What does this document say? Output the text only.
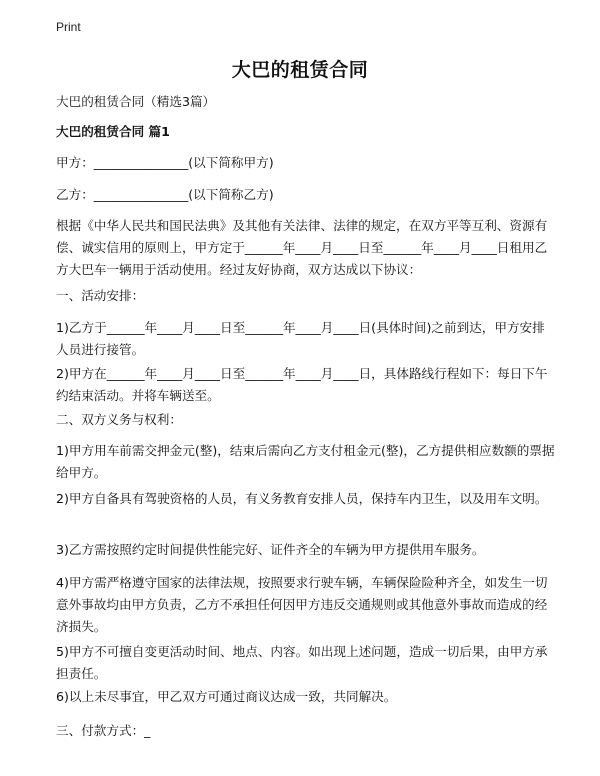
Print
大巴的租赁合同
大巴的租赁合同（精选3篇）
大巴的租赁合同 篇1
甲方：_______________(以下简称甲方)
乙方：_______________(以下简称乙方)
根据《中华人民共和国民法典》及其他有关法律、法律的规定，在双方平等互利、资源有偿、诚实信用的原则上，甲方定于______年____月____日至______年____月____日租用乙方大巴车一辆用于活动使用。经过友好协商，双方达成以下协议：
一、活动安排：
1)乙方于______年____月____日至______年____月____日(具体时间)之前到达，甲方安排人员进行接管。
2)甲方在______年____月____日至______年____月____日，具体路线行程如下：每日下午约结束活动。并将车辆送至。
二、双方义务与权利：
1)甲方用车前需交押金元(整)，结束后需向乙方支付租金元(整)，乙方提供相应数额的票据给甲方。
2)甲方自备具有驾驶资格的人员，有义务教育安排人员，保持车内卫生，以及用车文明。
3)乙方需按照约定时间提供性能完好、证件齐全的车辆为甲方提供用车服务。
4)甲方需严格遵守国家的法律法规，按照要求行驶车辆，车辆保险险种齐全，如发生一切意外事故均由甲方负责，乙方不承担任何因甲方违反交通规则或其他意外事故而造成的经济损失。
5)甲方不可擅自变更活动时间、地点、内容。如出现上述问题，造成一切后果，由甲方承担责任。
6)以上未尽事宜，甲乙双方可通过商议达成一致，共同解决。
三、付款方式：_
